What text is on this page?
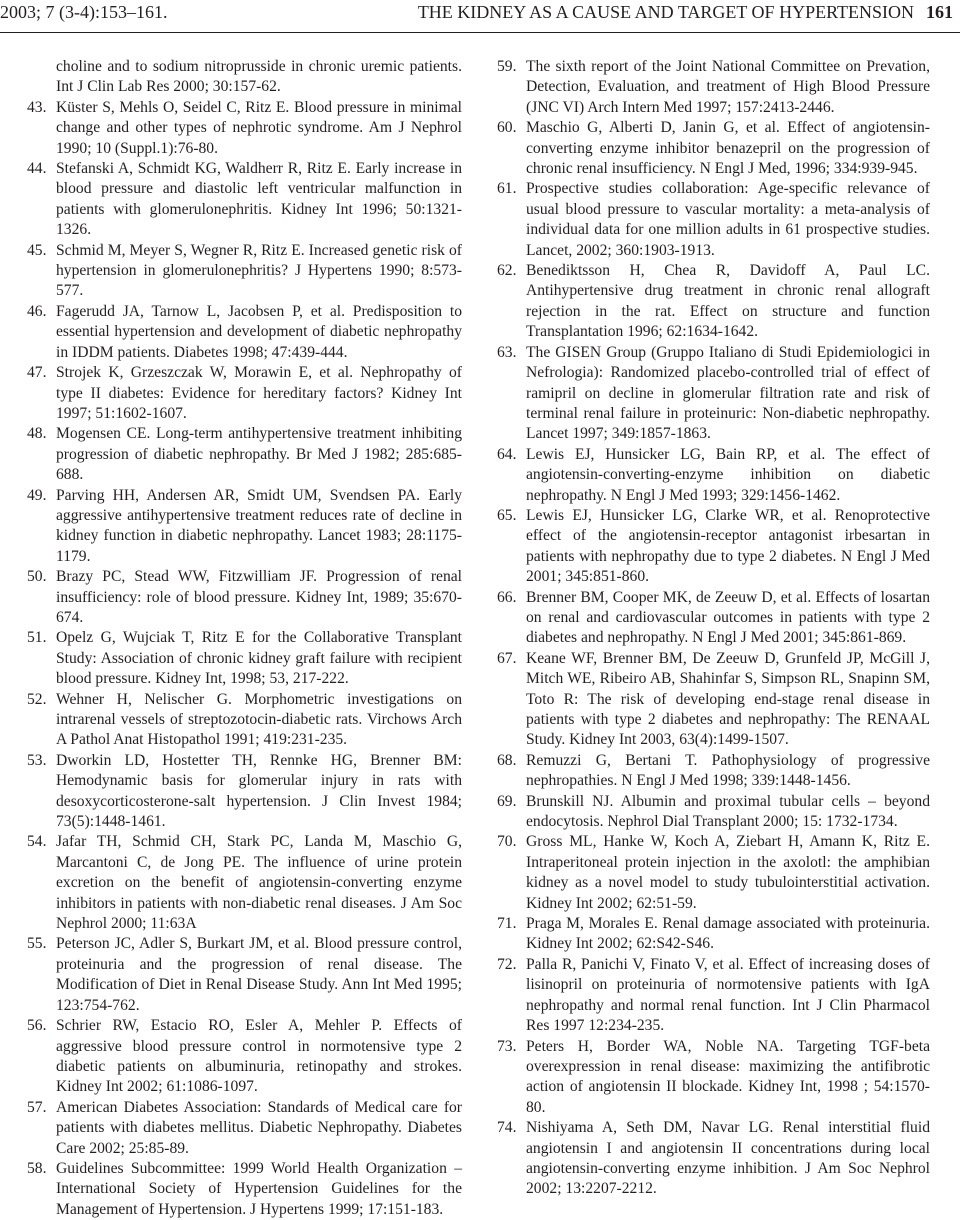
2003; 7 (3-4):153–161.	THE KIDNEY AS A CAUSE AND TARGET OF HYPERTENSION 161

choline and to sodium nitroprusside in chronic uremic patients. Int J Clin Lab Res 2000; 30:157-62.

43. Küster S, Mehls O, Seidel C, Ritz E. Blood pressure in minimal change and other types of nephrotic syndrome. Am J Nephrol 1990; 10 (Suppl.1):76-80.

44. Stefanski A, Schmidt KG, Waldherr R, Ritz E. Early increase in blood pressure and diastolic left ventricular malfunction in patients with glomerulonephritis. Kidney Int 1996; 50:1321-1326.

45. Schmid M, Meyer S, Wegner R, Ritz E. Increased genetic risk of hypertension in glomerulonephritis? J Hypertens 1990; 8:573-577.

46. Fagerudd JA, Tarnow L, Jacobsen P, et al. Predisposition to essential hypertension and development of diabetic nephropathy in IDDM patients. Diabetes 1998; 47:439-444.

47. Strojek K, Grzeszczak W, Morawin E, et al. Nephropathy of type II diabetes: Evidence for hereditary factors? Kidney Int 1997; 51:1602-1607.

48. Mogensen CE. Long-term antihypertensive treatment inhibiting progression of diabetic nephropathy. Br Med J 1982; 285:685-688.

49. Parving HH, Andersen AR, Smidt UM, Svendsen PA. Early aggressive antihypertensive treatment reduces rate of decline in kidney function in diabetic nephropathy. Lancet 1983; 28:1175-1179.

50. Brazy PC, Stead WW, Fitzwilliam JF. Progression of renal insufficiency: role of blood pressure. Kidney Int, 1989; 35:670-674.

51. Opelz G, Wujciak T, Ritz E for the Collaborative Transplant Study: Association of chronic kidney graft failure with recipient blood pressure. Kidney Int, 1998; 53, 217-222.

52. Wehner H, Nelischer G. Morphometric investigations on intrarenal vessels of streptozotocin-diabetic rats. Virchows Arch A Pathol Anat Histopathol 1991; 419:231-235.

53. Dworkin LD, Hostetter TH, Rennke HG, Brenner BM: Hemodynamic basis for glomerular injury in rats with desoxycorticosterone-salt hypertension. J Clin Invest 1984; 73(5):1448-1461.

54. Jafar TH, Schmid CH, Stark PC, Landa M, Maschio G, Marcantoni C, de Jong PE. The influence of urine protein excretion on the benefit of angiotensin-converting enzyme inhibitors in patients with non-diabetic renal diseases. J Am Soc Nephrol 2000; 11:63A

55. Peterson JC, Adler S, Burkart JM, et al. Blood pressure control, proteinuria and the progression of renal disease. The Modification of Diet in Renal Disease Study. Ann Int Med 1995; 123:754-762.

56. Schrier RW, Estacio RO, Esler A, Mehler P. Effects of aggressive blood pressure control in normotensive type 2 diabetic patients on albuminuria, retinopathy and strokes. Kidney Int 2002; 61:1086-1097.

57. American Diabetes Association: Standards of Medical care for patients with diabetes mellitus. Diabetic Nephropathy. Diabetes Care 2002; 25:85-89.

58. Guidelines Subcommittee: 1999 World Health Organization – International Society of Hypertension Guidelines for the Management of Hypertension. J Hypertens 1999; 17:151-183.

59. The sixth report of the Joint National Committee on Prevation, Detection, Evaluation, and treatment of High Blood Pressure (JNC VI) Arch Intern Med 1997; 157:2413-2446.

60. Maschio G, Alberti D, Janin G, et al. Effect of angiotensin-converting enzyme inhibitor benazepril on the progression of chronic renal insufficiency. N Engl J Med, 1996; 334:939-945.

61. Prospective studies collaboration: Age-specific relevance of usual blood pressure to vascular mortality: a meta-analysis of individual data for one million adults in 61 prospective studies. Lancet, 2002; 360:1903-1913.

62. Benediktsson H, Chea R, Davidoff A, Paul LC. Antihypertensive drug treatment in chronic renal allograft rejection in the rat. Effect on structure and function Transplantation 1996; 62:1634-1642.

63. The GISEN Group (Gruppo Italiano di Studi Epidemiologici in Nefrologia): Randomized placebo-controlled trial of effect of ramipril on decline in glomerular filtration rate and risk of terminal renal failure in proteinuric: Non-diabetic nephropathy. Lancet 1997; 349:1857-1863.

64. Lewis EJ, Hunsicker LG, Bain RP, et al. The effect of angiotensin-converting-enzyme inhibition on diabetic nephropathy. N Engl J Med 1993; 329:1456-1462.

65. Lewis EJ, Hunsicker LG, Clarke WR, et al. Renoprotective effect of the angiotensin-receptor antagonist irbesartan in patients with nephropathy due to type 2 diabetes. N Engl J Med 2001; 345:851-860.

66. Brenner BM, Cooper MK, de Zeeuw D, et al. Effects of losartan on renal and cardiovascular outcomes in patients with type 2 diabetes and nephropathy. N Engl J Med 2001; 345:861-869.

67. Keane WF, Brenner BM, De Zeeuw D, Grunfeld JP, McGill J, Mitch WE, Ribeiro AB, Shahinfar S, Simpson RL, Snapinn SM, Toto R: The risk of developing end-stage renal disease in patients with type 2 diabetes and nephropathy: The RENAAL Study. Kidney Int 2003, 63(4):1499-1507.

68. Remuzzi G, Bertani T. Pathophysiology of progressive nephropathies. N Engl J Med 1998; 339:1448-1456.

69. Brunskill NJ. Albumin and proximal tubular cells – beyond endocytosis. Nephrol Dial Transplant 2000; 15: 1732-1734.

70. Gross ML, Hanke W, Koch A, Ziebart H, Amann K, Ritz E. Intraperitoneal protein injection in the axolotl: the amphibian kidney as a novel model to study tubulointerstitial activation. Kidney Int 2002; 62:51-59.

71. Praga M, Morales E. Renal damage associated with proteinuria. Kidney Int 2002; 62:S42-S46.

72. Palla R, Panichi V, Finato V, et al. Effect of increasing doses of lisinopril on proteinuria of normotensive patients with IgA nephropathy and normal renal function. Int J Clin Pharmacol Res 1997 12:234-235.

73. Peters H, Border WA, Noble NA. Targeting TGF-beta overexpression in renal disease: maximizing the antifibrotic action of angiotensin II blockade. Kidney Int, 1998 ; 54:1570-80.

74. Nishiyama A, Seth DM, Navar LG. Renal interstitial fluid angiotensin I and angiotensin II concentrations during local angiotensin-converting enzyme inhibition. J Am Soc Nephrol 2002; 13:2207-2212.
